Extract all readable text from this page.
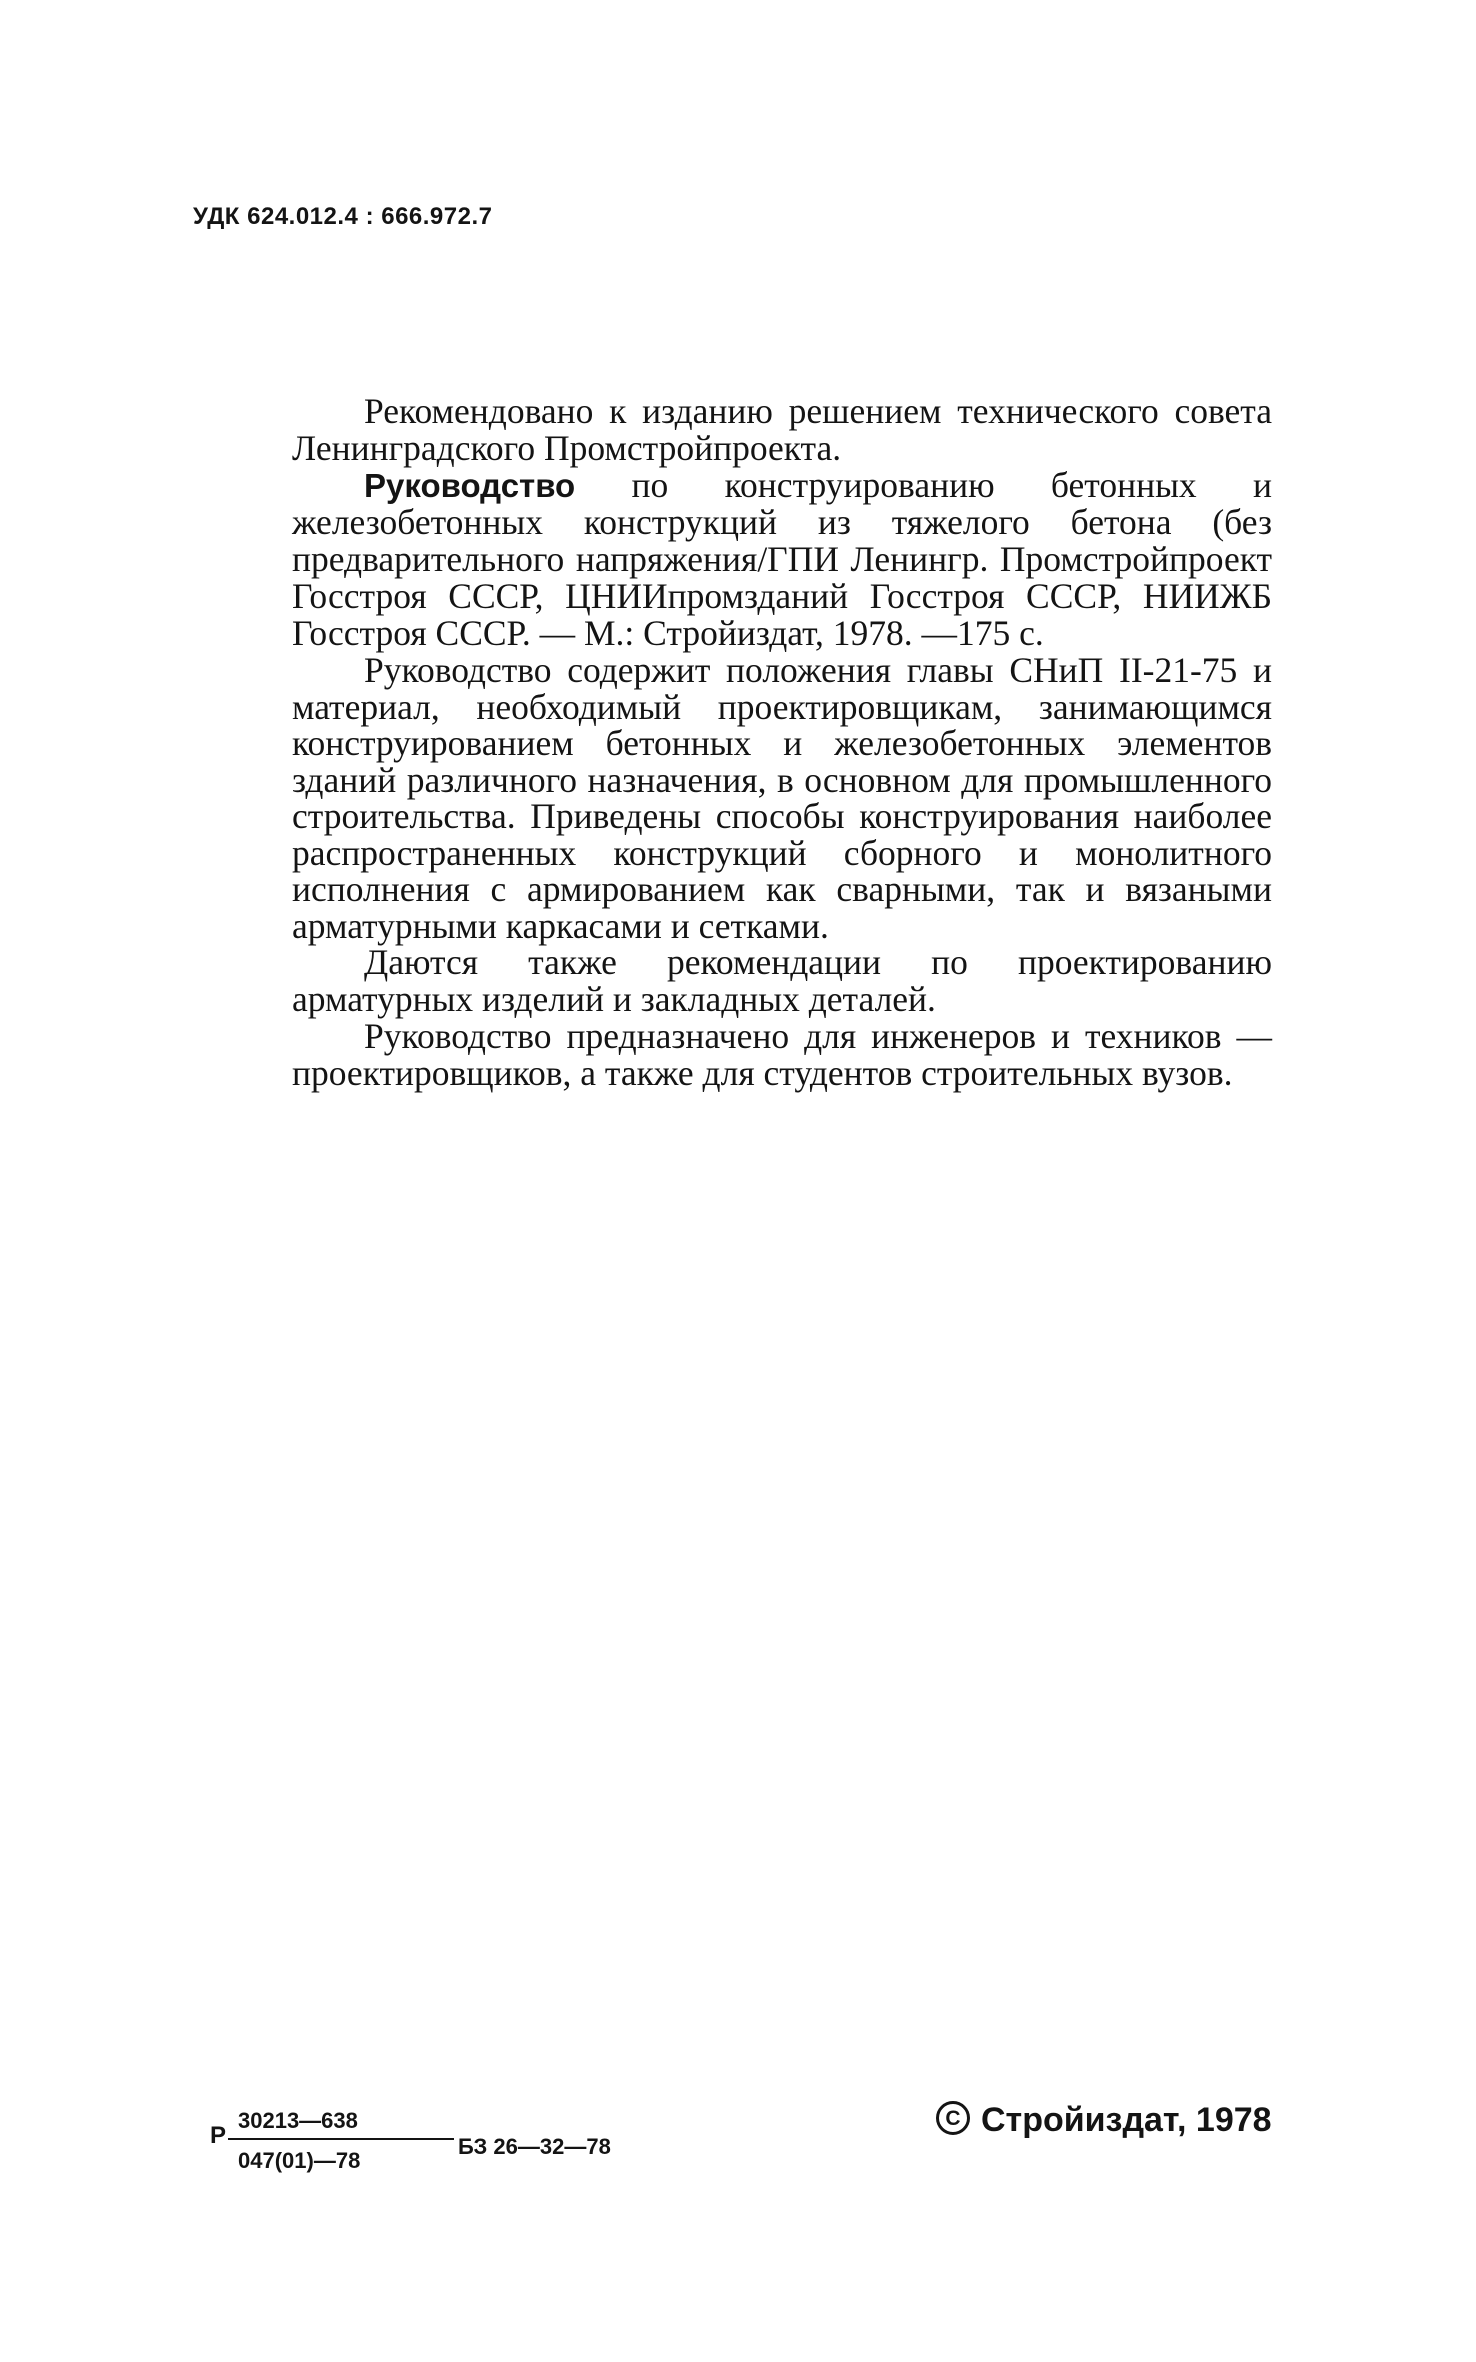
УДК 624.012.4 : 666.972.7

Рекомендовано к изданию решением технического совета Ленинградского Промстройпроекта.

Руководство по конструированию бетонных и железобетонных конструкций из тяжелого бетона (без предварительного напряжения/ГПИ Ленингр. Промстройпроект Госстроя СССР, ЦНИИпромзданий Госстроя СССР, НИИЖБ Госстроя СССР. — М.: Стройиздат, 1978. —175 с.

Руководство содержит положения главы СНиП II-21-75 и материал, необходимый проектировщикам, занимающимся конструированием бетонных и железобетонных элементов зданий различного назначения, в основном для промышленного строительства. Приведены способы конструирования наиболее распространенных конструкций сборного и монолитного исполнения с армированием как сварными, так и вязаными арматурными каркасами и сетками.

Даются также рекомендации по проектированию арматурных изделий и закладных деталей.

Руководство предназначено для инженеров и техников — проектировщиков, а также для студентов строительных вузов.

Р $\frac{30213—638}{047(01)—78}$ БЗ 26—32—78

C Стройиздат, 1978
